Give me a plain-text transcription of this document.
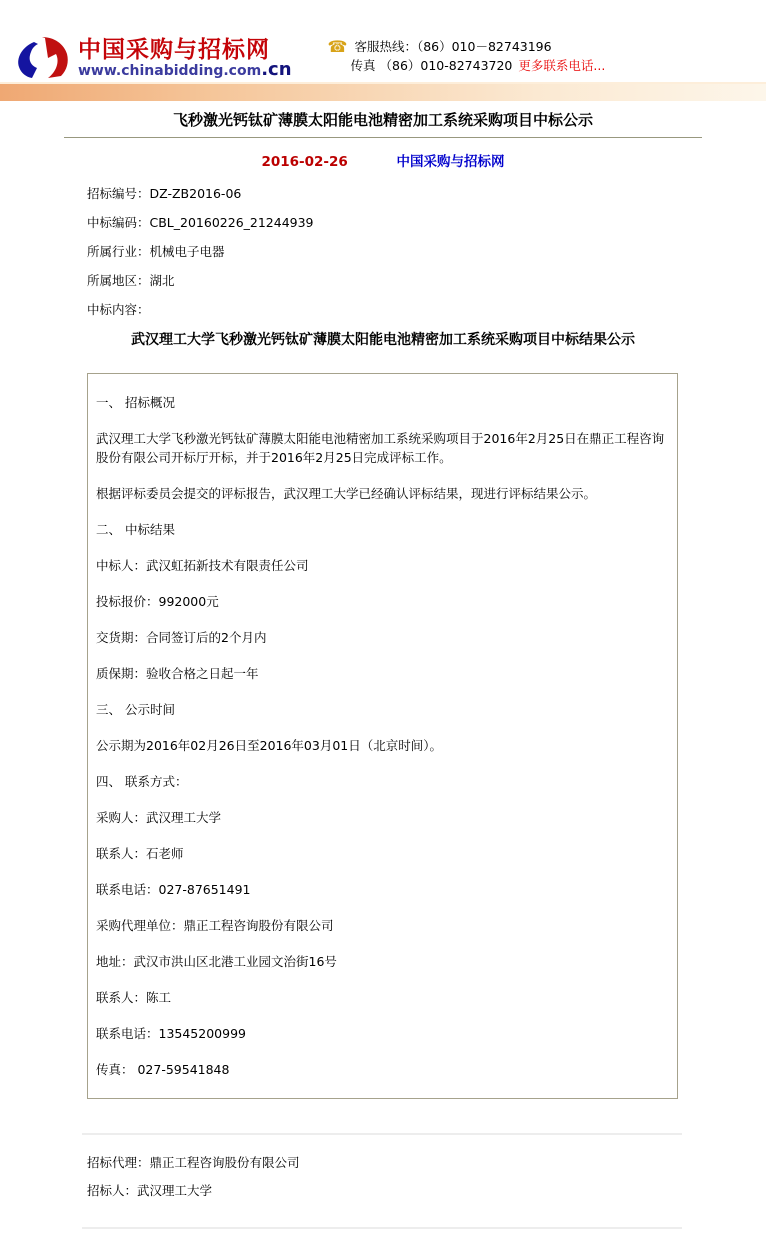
中国采购与招标网
www.chinabidding.com.cn
☎ 客服热线：（86）010－82743196
传真 （86）010-82743720 更多联系电话...
飞秒激光钙钛矿薄膜太阳能电池精密加工系统采购项目中标公示
2016-02-26	中国采购与招标网

招标编号：DZ-ZB2016-06

中标编码：CBL_20160226_21244939

所属行业：机械电子电器

所属地区：湖北

中标内容：

武汉理工大学飞秒激光钙钛矿薄膜太阳能电池精密加工系统采购项目中标结果公示

一、 招标概况

武汉理工大学飞秒激光钙钛矿薄膜太阳能电池精密加工系统采购项目于2016年2月25日在鼎正工程咨询股份有限公司开标厅开标，并于2016年2月25日完成评标工作。

根据评标委员会提交的评标报告，武汉理工大学已经确认评标结果，现进行评标结果公示。

二、 中标结果

中标人：武汉虹拓新技术有限责任公司

投标报价：992000元

交货期：合同签订后的2个月内

质保期：验收合格之日起一年

三、 公示时间

公示期为2016年02月26日至2016年03月01日（北京时间）。

四、 联系方式：

采购人：武汉理工大学

联系人：石老师

联系电话：027-87651491

采购代理单位：鼎正工程咨询股份有限公司

地址：武汉市洪山区北港工业园文治街16号

联系人：陈工

联系电话：13545200999

传真： 027-59541848

招标代理：鼎正工程咨询股份有限公司

招标人：武汉理工大学
